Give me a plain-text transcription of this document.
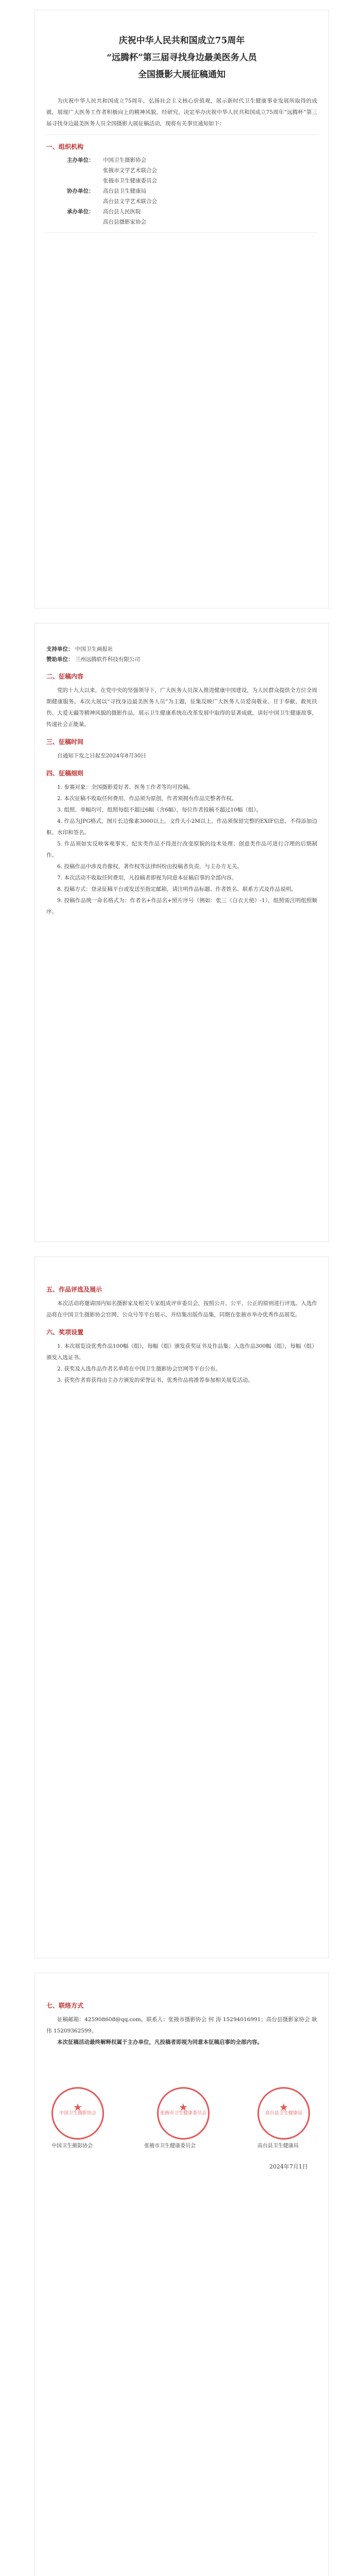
庆祝中华人民共和国成立75周年
“远腾杯”第三届寻找身边最美医务人员
全国摄影大展征稿通知

为庆祝中华人民共和国成立75周年，弘扬社会主义核心价值观，展示新时代卫生健康事业发展所取得的成就，展现广大医务工作者积极向上的精神风貌，经研究，决定举办庆祝中华人民共和国成立75周年“远腾杯”第三届寻找身边最美医务人员全国摄影大展征稿活动，现将有关事宜通知如下：

一、组织机构
主办单位： 中国卫生摄影协会
张掖市文学艺术联合会
张掖市卫生健康委员会
协办单位： 高台县卫生健康局
高台县文学艺术联合会
承办单位： 高台县人民医院
高台县摄影家协会
支持单位： 中国卫生画报社
赞助单位： 兰州远腾软件科技有限公司
二、征稿内容

党的十九大以来，在党中央的坚强领导下，广大医务人员深入推进健康中国建设，为人民群众提供全方位全周期健康服务。本次大展以“寻找身边最美医务人员”为主题，征集反映广大医务人员爱岗敬业、甘于奉献、救死扶伤、大爱无疆等精神风貌的摄影作品，展示卫生健康系统在改革发展中取得的显著成就，讲好中国卫生健康故事，传递社会正能量。

三、征稿时间

自通知下发之日起至2024年8月30日

四、征稿细则

1. 参赛对象：全国摄影爱好者、医务工作者等均可投稿。

2. 本次征稿不收取任何费用，作品须为原创，作者须拥有作品完整著作权。

3. 组照、单幅均可，组照每组不超过6幅（含6幅），每位作者投稿不超过10幅（组）。

4. 作品为JPG格式，图片长边像素3000以上，文件大小2M以上，作品须保留完整的EXIF信息，不得添加边框、水印和签名。

5. 作品须如实反映客观事实，纪实类作品不得进行改变原貌的技术处理；创意类作品可进行合理的后期制作。

6. 投稿作品中涉及肖像权、著作权等法律纠纷由投稿者负责，与主办方无关。

7. 本次活动不收取任何费用，凡投稿者即视为同意本征稿启事的全部内容。

8. 投稿方式：登录征稿平台或发送至指定邮箱，请注明作品标题、作者姓名、联系方式及作品说明。

9. 投稿作品统一命名格式为：作者名+作品名+照片序号（例如：张三《白衣天使》-1），组照需注明组照顺序。

五、作品评选及展示

本次活动将邀请国内知名摄影家及相关专家组成评审委员会，按照公开、公平、公正的原则进行评选。入选作品将在中国卫生摄影协会官网、公众号等平台展示，并结集出版作品集，同期在张掖市举办优秀作品展览。

六、奖项设置

1. 本次展览设优秀作品100幅（组），每幅（组）颁发获奖证书及作品集；入选作品300幅（组），每幅（组）颁发入选证书。

2. 获奖及入选作品作者名单将在中国卫生摄影协会官网等平台公布。

3. 获奖作者将获得由主办方颁发的荣誉证书，优秀作品将推荐参加相关展览活动。

七、联络方式

征稿邮箱：425908608@qq.com。联系人：张掖市摄影协会 何 涛 15294016991；高台县摄影家协会 耿 伟 15209362599。

本次征稿活动最终解释权属于主办单位，凡投稿者即视为同意本征稿启事的全部内容。

中国卫生摄影协会 ★
中国卫生摄影协会
张掖市卫生健康委员会 ★
张掖市卫生健康委员会
高台县卫生健康局 ★
高台县卫生健康局
2024年7月1日
